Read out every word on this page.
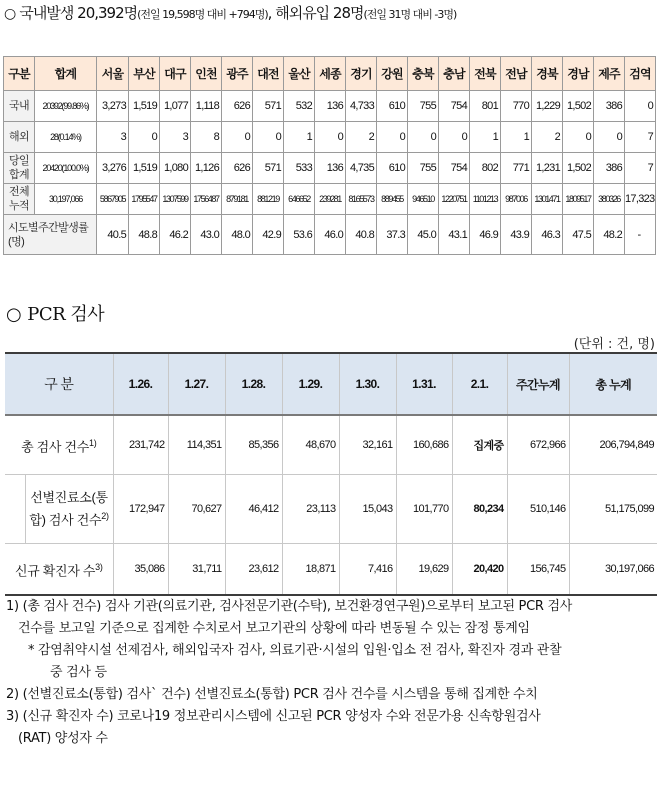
○ 국내발생 20,392명(전일 19,598명 대비 +794명), 해외유입 28명(전일 31명 대비 -3명)
구분	합계	서울	부산	대구	인천	광주	대전	울산	세종	경기	강원	충북	충남	전북	전남	경북	경남	제주	검역
국내	20392(99.86%)	3,273	1,519	1,077	1,118	626	571	532	136	4,733	610	755	754	801	770	1,229	1,502	386	0
해외	28(0.14%)	3	0	3	8	0	0	1	0	2	0	0	0	1	1	2	0	0	7
당일 합계	20420(100.0%)	3,276	1,519	1,080	1,126	626	571	533	136	4,735	610	755	754	802	771	1,231	1,502	386	7
전체 누적	30,197,066	5867905	1795547	1307599	1756487	879181	881219	646652	239281	8165573	889455	946510	1220751	1101213	987006	1301471	1809517	380326	17,323
시도별주간발생률(명)		40.5	48.8	46.2	43.0	48.0	42.9	53.6	46.0	40.8	37.3	45.0	43.1	46.9	43.9	46.3	47.5	48.2	-
○ PCR 검사
(단위 : 건, 명)
구 분		1.26.	1.27.	1.28.	1.29.	1.30.	1.31.	2.1.	주간누계	총 누계
총 검사 건수$^{1)}$		231,742	114,351	85,356	48,670	32,161	160,686	집계중	672,966	206,794,849
	선별진료소(통합) 검사 건수$^{2)}$	172,947	70,627	46,412	23,113	15,043	101,770	80,234	510,146	51,175,099
신규 확진자 수$^{3)}$		35,086	31,711	23,612	18,871	7,416	19,629	20,420	156,745	30,197,066

1) (총 검사 건수) 검사 기관(의료기관, 검사전문기관(수탁), 보건환경연구원)으로부터 보고된 PCR 검사

건수를 보고일 기준으로 집계한 수치로서 보고기관의 상황에 따라 변동될 수 있는 잠정 통계임

* 감염취약시설 선제검사, 해외입국자 검사, 의료기관·시설의 입원·입소 전 검사, 확진자 경과 관찰

중 검사 등

2) (선별진료소(통합) 검사` 건수) 선별진료소(통합) PCR 검사 건수를 시스템을 통해 집계한 수치

3) (신규 확진자 수) 코로나19 정보관리시스템에 신고된 PCR 양성자 수와 전문가용 신속항원검사

(RAT) 양성자 수
